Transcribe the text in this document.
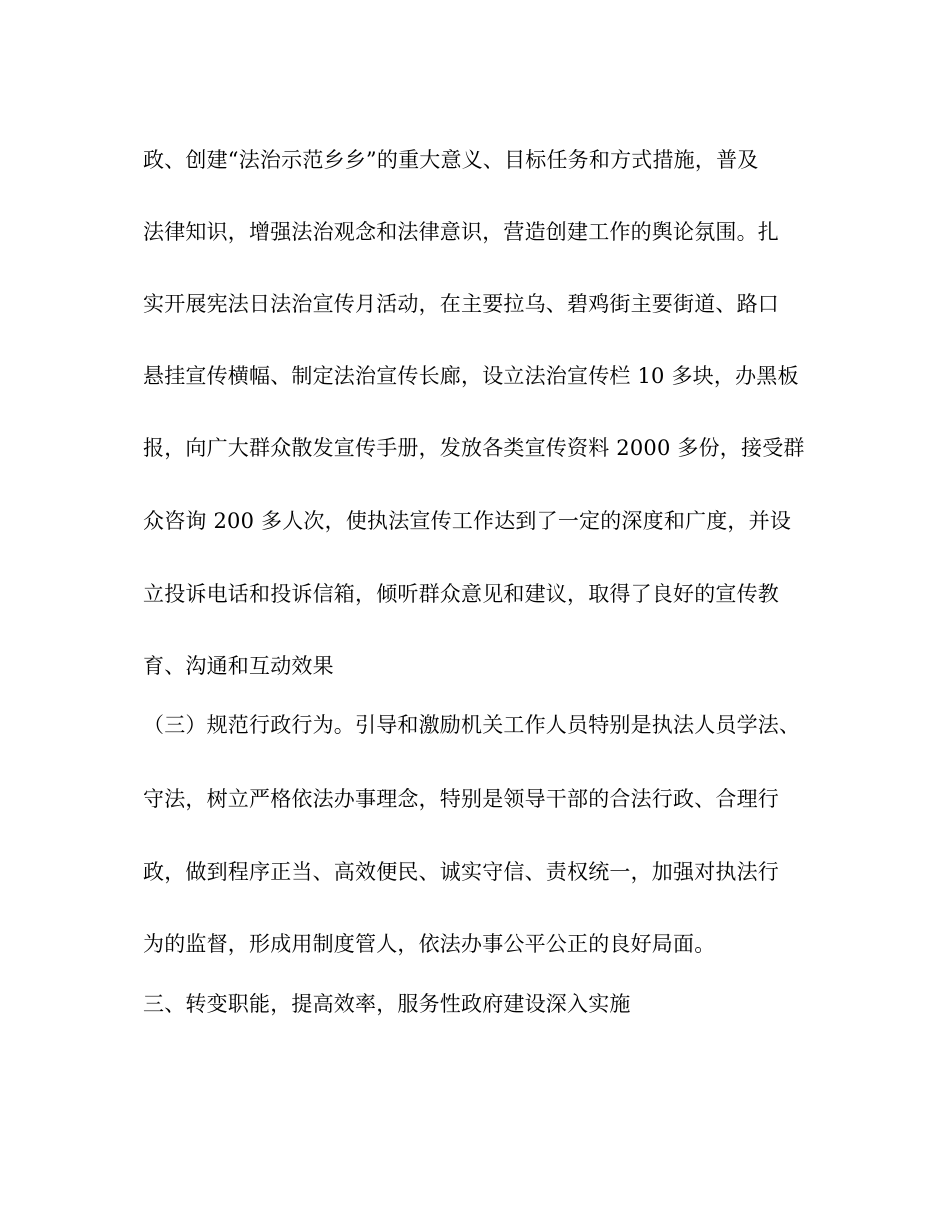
政、创建“法治示范乡乡”的重大意义、目标任务和方式措施，普及
法律知识，增强法治观念和法律意识，营造创建工作的舆论氛围。扎
实开展宪法日法治宣传月活动，在主要拉乌、碧鸡街主要街道、路口
悬挂宣传横幅、制定法治宣传长廊，设立法治宣传栏 10 多块，办黑板
报，向广大群众散发宣传手册，发放各类宣传资料 2000 多份，接受群
众咨询 200 多人次，使执法宣传工作达到了一定的深度和广度，并设
立投诉电话和投诉信箱，倾听群众意见和建议，取得了良好的宣传教
育、沟通和互动效果
（三）规范行政行为。引导和激励机关工作人员特别是执法人员学法、
守法，树立严格依法办事理念，特别是领导干部的合法行政、合理行
政，做到程序正当、高效便民、诚实守信、责权统一，加强对执法行
为的监督，形成用制度管人，依法办事公平公正的良好局面。
三、转变职能，提高效率，服务性政府建设深入实施
